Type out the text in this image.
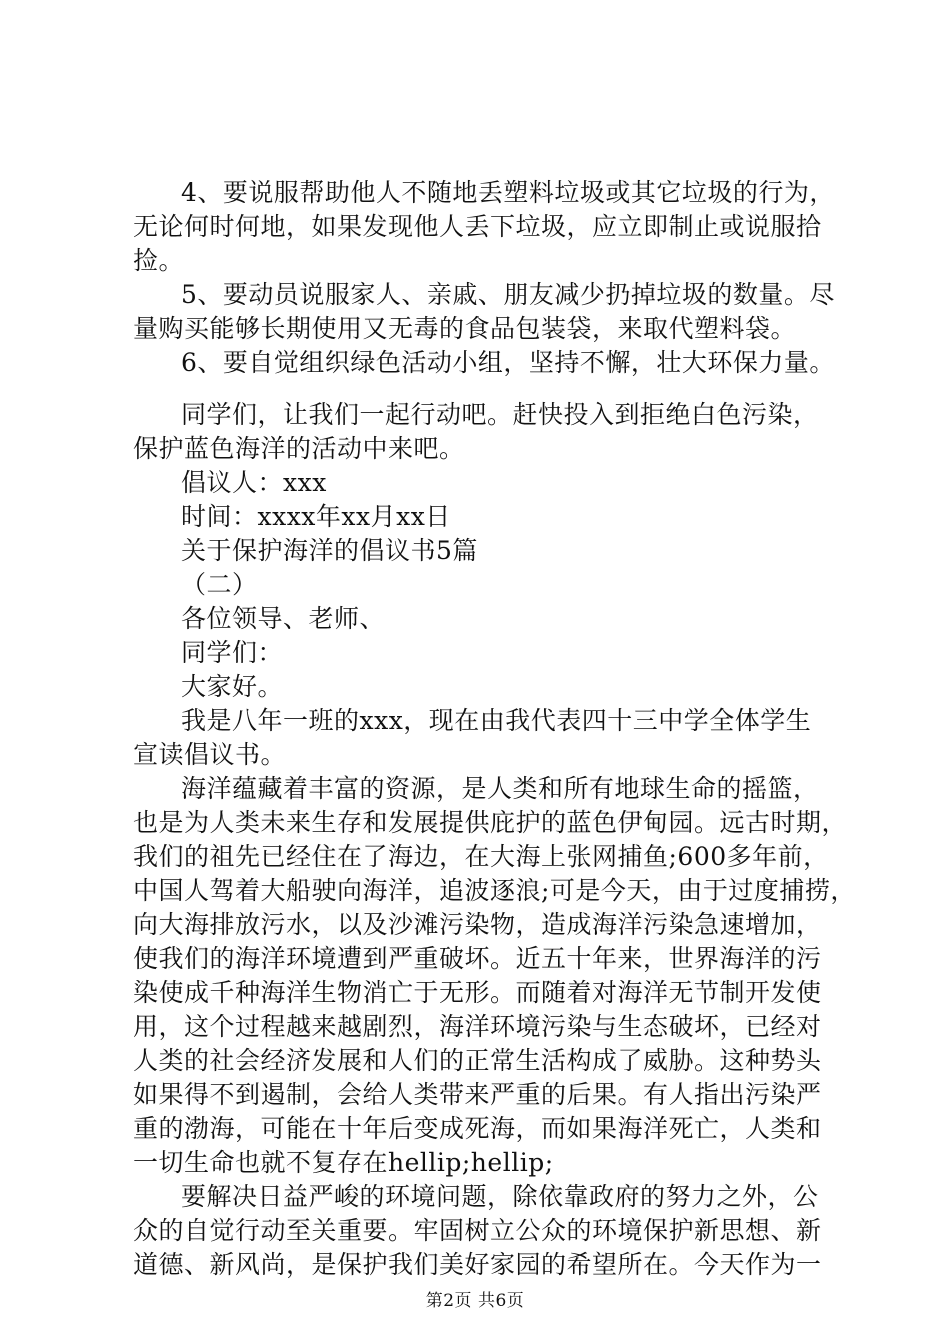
4、要说服帮助他人不随地丢塑料垃圾或其它垃圾的行为，
无论何时何地，如果发现他人丢下垃圾，应立即制止或说服拾
捡。
5、要动员说服家人、亲戚、朋友减少扔掉垃圾的数量。尽
量购买能够长期使用又无毒的食品包装袋，来取代塑料袋。
6、要自觉组织绿色活动小组，坚持不懈，壮大环保力量。
同学们，让我们一起行动吧。赶快投入到拒绝白色污染，
保护蓝色海洋的活动中来吧。
倡议人：xxx
时间：xxxx年xx月xx日
关于保护海洋的倡议书5篇
（二）
各位领导、老师、
同学们：
大家好。
我是八年一班的xxx，现在由我代表四十三中学全体学生
宣读倡议书。
海洋蕴藏着丰富的资源，是人类和所有地球生命的摇篮，
也是为人类未来生存和发展提供庇护的蓝色伊甸园。远古时期，
我们的祖先已经住在了海边，在大海上张网捕鱼;600多年前，
中国人驾着大船驶向海洋，追波逐浪;可是今天，由于过度捕捞，
向大海排放污水，以及沙滩污染物，造成海洋污染急速增加，
使我们的海洋环境遭到严重破坏。近五十年来，世界海洋的污
染使成千种海洋生物消亡于无形。而随着对海洋无节制开发使
用，这个过程越来越剧烈，海洋环境污染与生态破坏，已经对
人类的社会经济发展和人们的正常生活构成了威胁。这种势头
如果得不到遏制，会给人类带来严重的后果。有人指出污染严
重的渤海，可能在十年后变成死海，而如果海洋死亡，人类和
一切生命也就不复存在hellip;hellip;
要解决日益严峻的环境问题，除依靠政府的努力之外，公
众的自觉行动至关重要。牢固树立公众的环境保护新思想、新
道德、新风尚，是保护我们美好家园的希望所在。今天作为一
第2页 共6页
